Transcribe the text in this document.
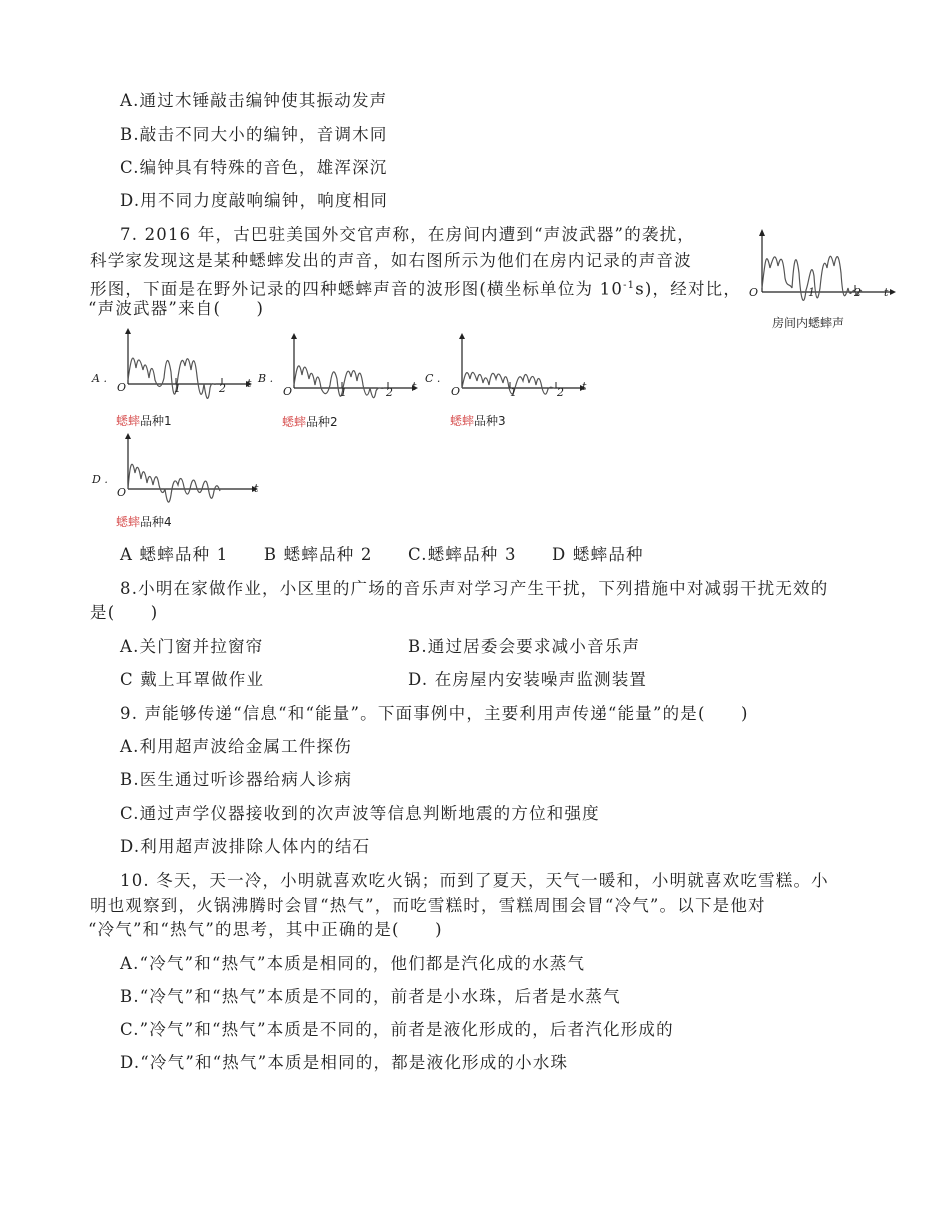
A.通过木锤敲击编钟使其振动发声
B.敲击不同大小的编钟，音调木同
C.编钟具有特殊的音色，雄浑深沉
D.用不同力度敲响编钟，响度相同
7. 2016 年，古巴驻美国外交官声称，在房间内遭到“声波武器”的袭扰，
科学家发现这是某种蟋蟀发出的声音，如右图所示为他们在房内记录的声音波
形图，下面是在野外记录的四种蟋蟀声音的波形图(横坐标单位为 $10^{-1}s$)，经对比，
“声波武器”来自(　　)
O	1	2 t
房间内蟋蟀声
A .
O	1	2 t
蟋蟀品种1
B .
O	1	2 t
蟋蟀品种2
C .
O	1	2 t
蟋蟀品种3
D .
O	t
蟋蟀品种4
A 蟋蟀品种 1　　B 蟋蟀品种 2　　C.蟋蟀品种 3　　D 蟋蟀品种
8.小明在家做作业，小区里的广场的音乐声对学习产生干扰，下列措施中对减弱干扰无效的
是(　　)
A.关门窗并拉窗帘	B.通过居委会要求减小音乐声
C 戴上耳罩做作业	D. 在房屋内安装噪声监测装置
9. 声能够传递“信息“和“能量”。下面事例中，主要利用声传递“能量”的是(　　)
A.利用超声波给金属工件探伤
B.医生通过听诊器给病人诊病
C.通过声学仪器接收到的次声波等信息判断地震的方位和强度
D.利用超声波排除人体内的结石
10. 冬天，天一冷，小明就喜欢吃火锅；而到了夏天，天气一暖和，小明就喜欢吃雪糕。小
明也观察到，火锅沸腾时会冒“热气”，而吃雪糕时，雪糕周围会冒“冷气”。以下是他对
“冷气”和“热气”的思考，其中正确的是(　　)
A.“冷气”和“热气”本质是相同的，他们都是汽化成的水蒸气
B.“冷气”和“热气”本质是不同的，前者是小水珠，后者是水蒸气
C.”冷气”和“热气”本质是不同的，前者是液化形成的，后者汽化形成的
D.“冷气”和“热气”本质是相同的，都是液化形成的小水珠
